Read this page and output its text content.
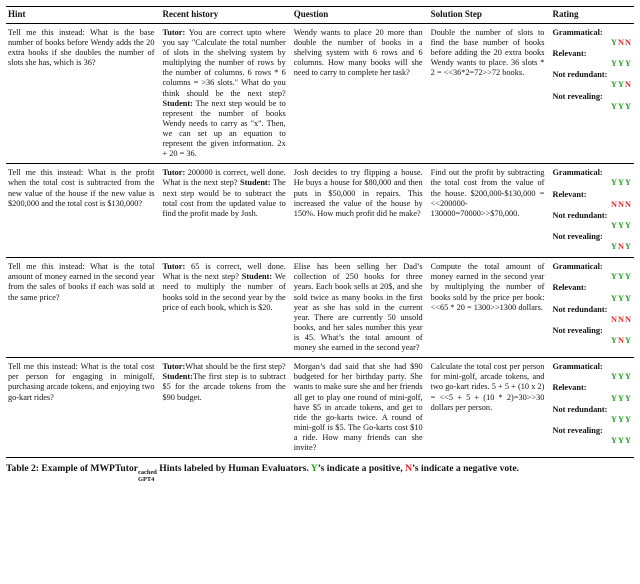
Hint	Recent history	Question	Solution Step	Rating
Tell me this instead: What is the base number of books before Wendy adds the 20 extra books if she doubles the number of slots she has, which is 36?	Tutor: You are correct upto where you say "Calculate the total number of slots in the shelving system by multiplying the number of rows by the number of columns. 6 rows * 6 columns = >36 slots." What do you think should be the next step? Student: The next step would be to represent the number of books Wendy needs to carry as "x". Then, we can set up an equation to represent the given information. 2x + 20 = 36.	Wendy wants to place 20 more than double the number of books in a shelving system with 6 rows and 6 columns. How many books will she need to carry to complete her task?	Double the number of slots to find the base number of books before adding the 20 extra books Wendy wants to place. 36 slots * 2 = <<36*2=72>>72 books.	
Grammatical:
YNN
Relevant:
YYY
Not redundant:
YYN
Not revealing:
YYY

Tell me this instead: What is the profit when the total cost is subtracted from the new value of the house if the new value is $200,000 and the total cost is $130,000?	Tutor: 200000 is correct, well done. What is the next step? Student: The next step would be to subtract the total cost from the updated value to find the profit made by Josh.	Josh decides to try flipping a house. He buys a house for $80,000 and then puts in $50,000 in repairs. This increased the value of the house by 150%. How much profit did he make?	Find out the profit by subtracting the total cost from the value of the house. $200,000-$130,000 = <<200000-130000=70000>>$70,000.	
Grammatical:
YYY
Relevant:
NNN
Not redundant:
YYY
Not revealing:
YNY

Tell me this instead: What is the total amount of money earned in the second year from the sales of books if each was sold at the same price?	Tutor: 65 is correct, well done. What is the next step? Student: We need to multiply the number of books sold in the second year by the price of each book, which is $20.	Elise has been selling her Dad’s collection of 250 books for three years. Each book sells at 20$, and she sold twice as many books in the first year as she has sold in the current year. There are currently 50 unsold books, and her sales number this year is 45. What’s the total amount of money she earned in the second year?	Compute the total amount of money earned in the second year by multiplying the number of books sold by the price per book: <<65 * 20 = 1300>>1300 dollars.	
Grammatical:
YYY
Relevant:
YYY
Not redundant:
NNN
Not revealing:
YNY

Tell me this instead: What is the total cost per person for engaging in minigolf, purchasing arcade tokens, and enjoying two go-kart rides?	Tutor:What should be the first step? Student:The first step is to subtract $5 for the arcade tokens from the $90 budget.	Morgan’s dad said that she had $90 budgeted for her birthday party. She wants to make sure she and her friends all get to play one round of mini-golf, have $5 in arcade tokens, and get to ride the go-karts twice. A round of mini-golf is $5. The Go-karts cost $10 a ride. How many friends can she invite?	Calculate the total cost per person for mini-golf, arcade tokens, and two go-kart rides. 5 + 5 + (10 x 2) = <<5 + 5 + (10 * 2)=30>>30 dollars per person.	
Grammatical:
YYY
Relevant:
YYY
Not redundant:
YYY
Not revealing:
YYY
Table 2: Example of MWPTutor cached
GPT4
Hints labeled by Human Evaluators. Y’s indicate a positive, N’s indicate a negative vote.
